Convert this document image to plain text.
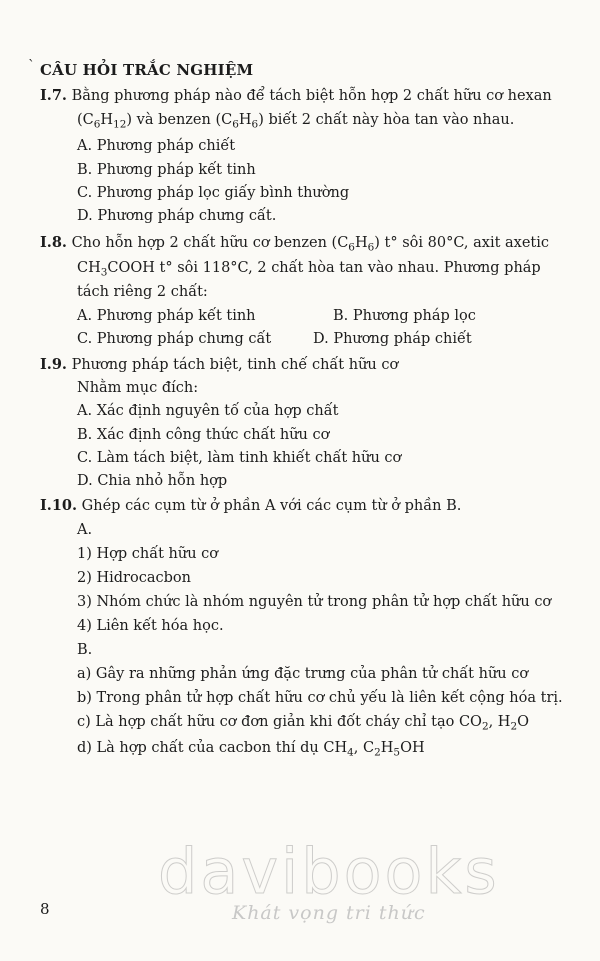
` CÂU HỎI TRẮC NGHIỆM
I.7. Bằng phương pháp nào để tách biệt hỗn hợp 2 chất hữu cơ hexan
$(C_6H_{12})$ và benzen $(C_6H_6)$ biết 2 chất này hòa tan vào nhau.
A. Phương pháp chiết
B. Phương pháp kết tinh
C. Phương pháp lọc giấy bình thường
D. Phương pháp chưng cất.
I.8. Cho hỗn hợp 2 chất hữu cơ benzen $(C_6H_6)$ t° sôi 80°C, axit axetic
$CH_3COOH$ t° sôi 118°C, 2 chất hòa tan vào nhau. Phương pháp
tách riêng 2 chất:
A. Phương pháp kết tinh	B. Phương pháp lọc
C. Phương pháp chưng cất	D. Phương pháp chiết
I.9. Phương pháp tách biệt, tinh chế chất hữu cơ
Nhằm mục đích:
A. Xác định nguyên tố của hợp chất
B. Xác định công thức chất hữu cơ
C. Làm tách biệt, làm tinh khiết chất hữu cơ
D. Chia nhỏ hỗn hợp
I.10. Ghép các cụm từ ở phần A với các cụm từ ở phần B.
A.
1) Hợp chất hữu cơ
2) Hidrocacbon
3) Nhóm chức là nhóm nguyên tử trong phân tử hợp chất hữu cơ
4) Liên kết hóa học.
B.
a) Gây ra những phản ứng đặc trưng của phân tử chất hữu cơ
b) Trong phân tử hợp chất hữu cơ chủ yếu là liên kết cộng hóa trị.
c) Là hợp chất hữu cơ đơn giản khi đốt cháy chỉ tạo $CO_2$, $H_2O$
d) Là hợp chất của cacbon thí dụ $CH_4$, $C_2H_5OH$
davibooks
Khát vọng tri thức
8
